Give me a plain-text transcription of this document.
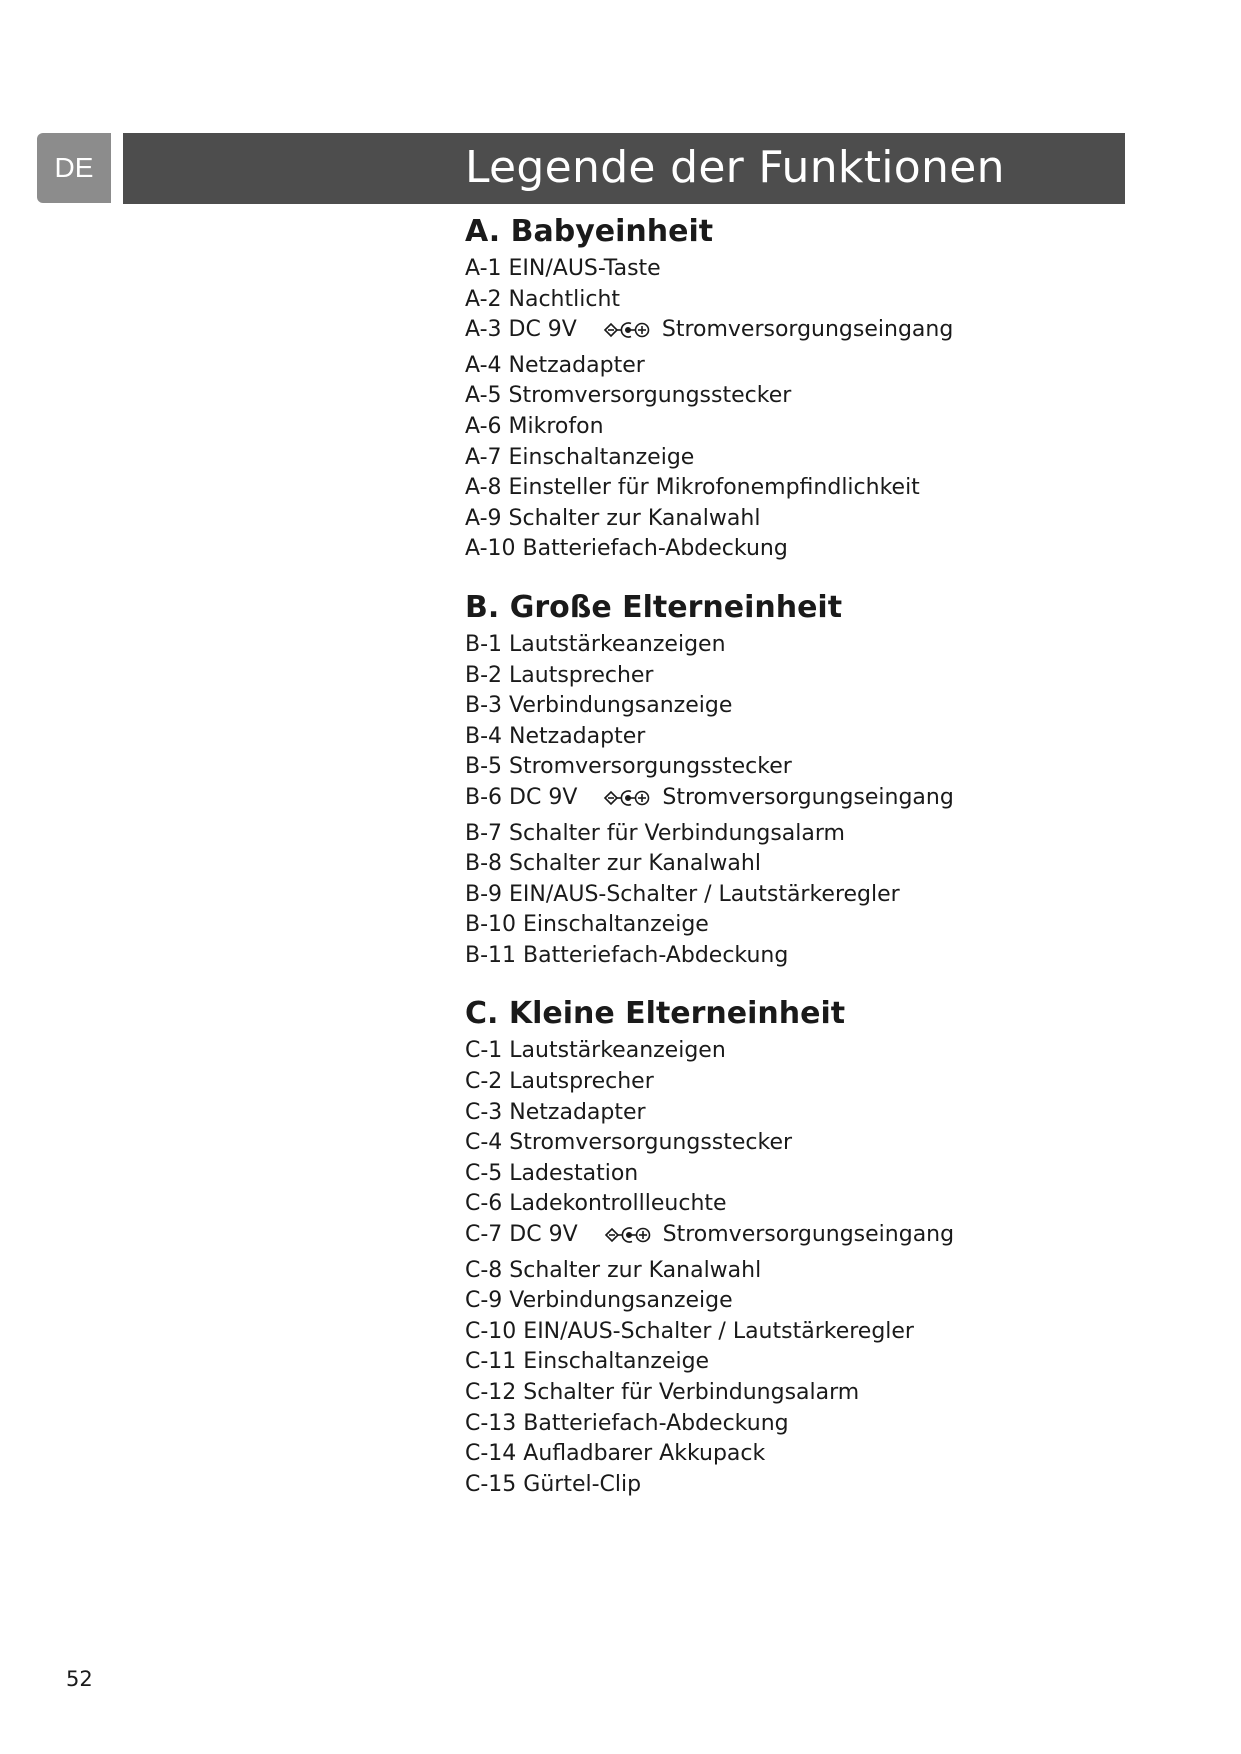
DE	Legende der Funktionen
A. Babyeinheit
A-1 EIN/AUS-Taste
A-2 Nachtlicht
A-3 DC 9V	Stromversorgungseingang
A-4 Netzadapter
A-5 Stromversorgungsstecker
A-6 Mikrofon
A-7 Einschaltanzeige
A-8 Einsteller für Mikrofonempfindlichkeit
A-9 Schalter zur Kanalwahl
A-10 Batteriefach-Abdeckung
B. Große Elterneinheit
B-1 Lautstärkeanzeigen
B-2 Lautsprecher
B-3 Verbindungsanzeige
B-4 Netzadapter
B-5 Stromversorgungsstecker
B-6 DC 9V	Stromversorgungseingang
B-7 Schalter für Verbindungsalarm
B-8 Schalter zur Kanalwahl
B-9 EIN/AUS-Schalter / Lautstärkeregler
B-10 Einschaltanzeige
B-11 Batteriefach-Abdeckung
C. Kleine Elterneinheit
C-1 Lautstärkeanzeigen
C-2 Lautsprecher
C-3 Netzadapter
C-4 Stromversorgungsstecker
C-5 Ladestation
C-6 Ladekontrollleuchte
C-7 DC 9V	Stromversorgungseingang
C-8 Schalter zur Kanalwahl
C-9 Verbindungsanzeige
C-10 EIN/AUS-Schalter / Lautstärkeregler
C-11 Einschaltanzeige
C-12 Schalter für Verbindungsalarm
C-13 Batteriefach-Abdeckung
C-14 Aufladbarer Akkupack
C-15 Gürtel-Clip
52
